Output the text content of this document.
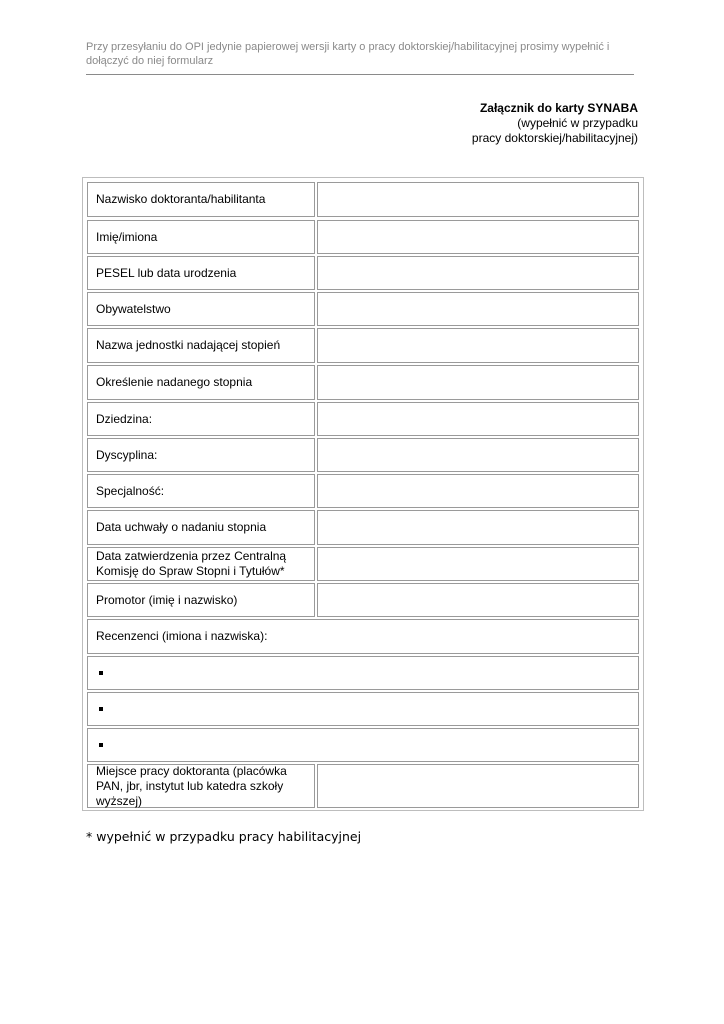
Przy przesyłaniu do OPI jedynie papierowej wersji karty o pracy doktorskiej/habilitacyjnej prosimy wypełnić i dołączyć do niej formularz
Załącznik do karty SYNABA
(wypełnić w przypadku
pracy doktorskiej/habilitacyjnej)
Nazwisko doktoranta/habilitanta
Imię/imiona
PESEL lub data urodzenia
Obywatelstwo
Nazwa jednostki nadającej stopień
Określenie nadanego stopnia
Dziedzina:
Dyscyplina:
Specjalność:
Data uchwały o nadaniu stopnia
Data zatwierdzenia przez Centralną Komisję do Spraw Stopni i Tytułów*
Promotor (imię i nazwisko)
Recenzenci (imiona i nazwiska):
Miejsce pracy doktoranta (placówka PAN, jbr, instytut lub katedra szkoły wyższej)
* wypełnić w przypadku pracy habilitacyjnej
